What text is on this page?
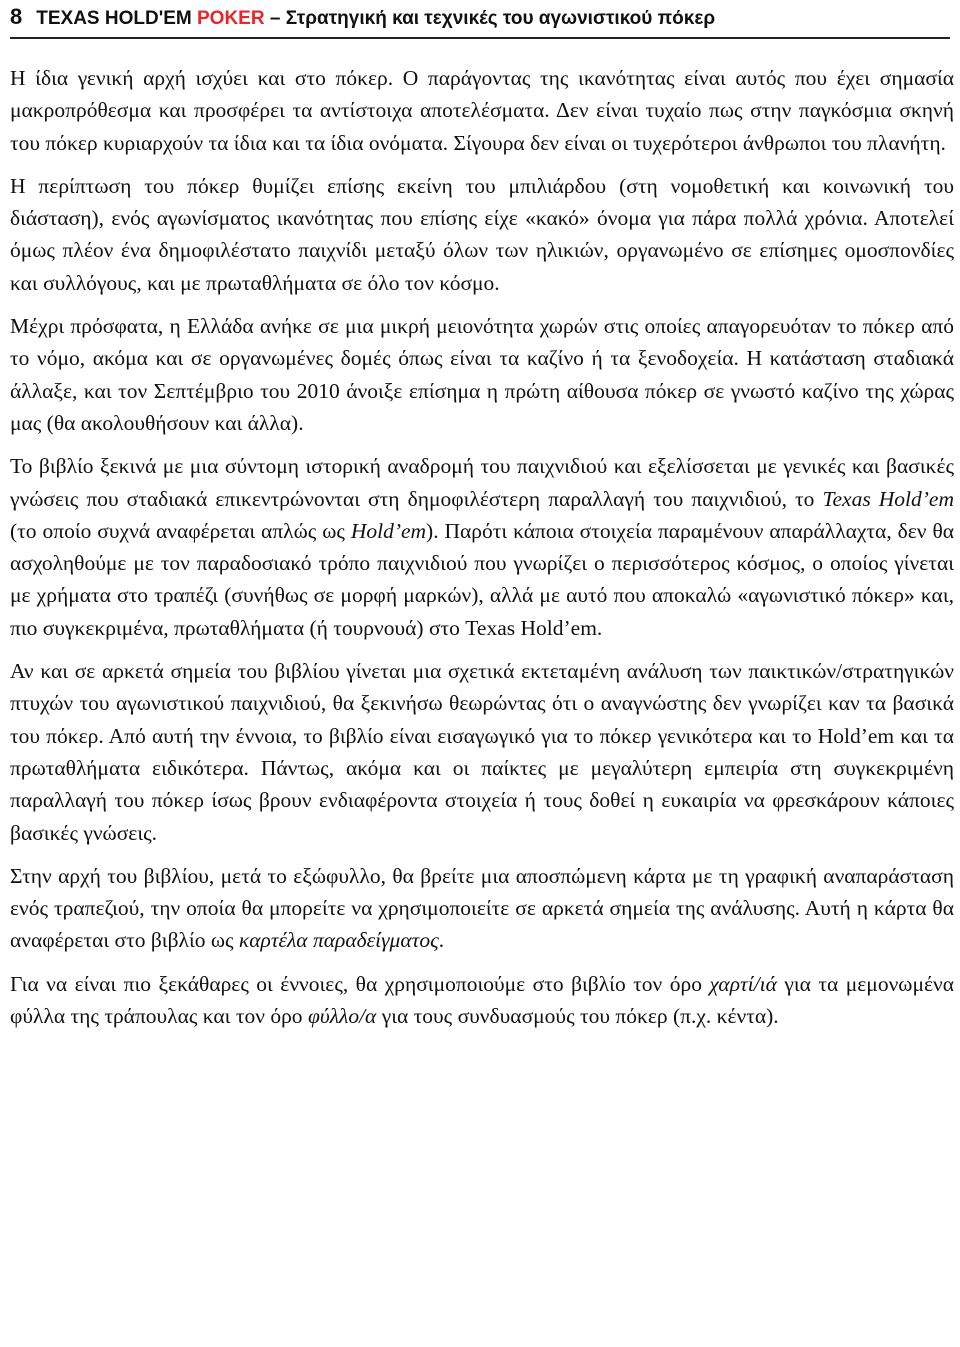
8 TEXAS HOLD'EM POKER – Στρατηγική και τεχνικές του αγωνιστικού πόκερ

Η ίδια γενική αρχή ισχύει και στο πόκερ. Ο παράγοντας της ικανότητας είναι αυτός που έχει σημασία μακροπρόθεσμα και προσφέρει τα αντίστοιχα αποτελέσματα. Δεν είναι τυχαίο πως στην παγκόσμια σκηνή του πόκερ κυριαρχούν τα ίδια και τα ίδια ονόματα. Σίγουρα δεν είναι οι τυχερότεροι άνθρωποι του πλανήτη.

Η περίπτωση του πόκερ θυμίζει επίσης εκείνη του μπιλιάρδου (στη νομοθετική και κοινωνική του διάσταση), ενός αγωνίσματος ικανότητας που επίσης είχε «κακό» όνομα για πάρα πολλά χρόνια. Αποτελεί όμως πλέον ένα δημοφιλέστατο παιχνίδι μεταξύ όλων των ηλικιών, οργανωμένο σε επίσημες ομοσπονδίες και συλλόγους, και με πρωταθλήματα σε όλο τον κόσμο.

Μέχρι πρόσφατα, η Ελλάδα ανήκε σε μια μικρή μειονότητα χωρών στις οποίες απαγορευόταν το πόκερ από το νόμο, ακόμα και σε οργανωμένες δομές όπως είναι τα καζίνο ή τα ξενοδοχεία. Η κατάσταση σταδιακά άλλαξε, και τον Σεπτέμβριο του 2010 άνοιξε επίσημα η πρώτη αίθουσα πόκερ σε γνωστό καζίνο της χώρας μας (θα ακολουθήσουν και άλλα).

Το βιβλίο ξεκινά με μια σύντομη ιστορική αναδρομή του παιχνιδιού και εξελίσσεται με γενικές και βασικές γνώσεις που σταδιακά επικεντρώνονται στη δημοφιλέστερη παραλλαγή του παιχνιδιού, το Texas Hold’em (το οποίο συχνά αναφέρεται απλώς ως Hold’em). Παρότι κάποια στοιχεία παραμένουν απαράλλαχτα, δεν θα ασχοληθούμε με τον παραδοσιακό τρόπο παιχνιδιού που γνωρίζει ο περισσότερος κόσμος, ο οποίος γίνεται με χρήματα στο τραπέζι (συνήθως σε μορφή μαρκών), αλλά με αυτό που αποκαλώ «αγωνιστικό πόκερ» και, πιο συγκεκριμένα, πρωταθλήματα (ή τουρνουά) στο Texas Hold’em.

Αν και σε αρκετά σημεία του βιβλίου γίνεται μια σχετικά εκτεταμένη ανάλυση των παικτικών/στρατηγικών πτυχών του αγωνιστικού παιχνιδιού, θα ξεκινήσω θεωρώντας ότι ο αναγνώστης δεν γνωρίζει καν τα βασικά του πόκερ. Από αυτή την έννοια, το βιβλίο είναι εισαγωγικό για το πόκερ γενικότερα και το Hold’em και τα πρωταθλήματα ειδικότερα. Πάντως, ακόμα και οι παίκτες με μεγαλύτερη εμπειρία στη συγκεκριμένη παραλλαγή του πόκερ ίσως βρουν ενδιαφέροντα στοιχεία ή τους δοθεί η ευκαιρία να φρεσκάρουν κάποιες βασικές γνώσεις.

Στην αρχή του βιβλίου, μετά το εξώφυλλο, θα βρείτε μια αποσπώμενη κάρτα με τη γραφική αναπαράσταση ενός τραπεζιού, την οποία θα μπορείτε να χρησιμοποιείτε σε αρκετά σημεία της ανάλυσης. Αυτή η κάρτα θα αναφέρεται στο βιβλίο ως καρτέλα παραδείγματος.

Για να είναι πιο ξεκάθαρες οι έννοιες, θα χρησιμοποιούμε στο βιβλίο τον όρο χαρτί/ιά για τα μεμονωμένα φύλλα της τράπουλας και τον όρο φύλλο/α για τους συνδυασμούς του πόκερ (π.χ. κέντα).
